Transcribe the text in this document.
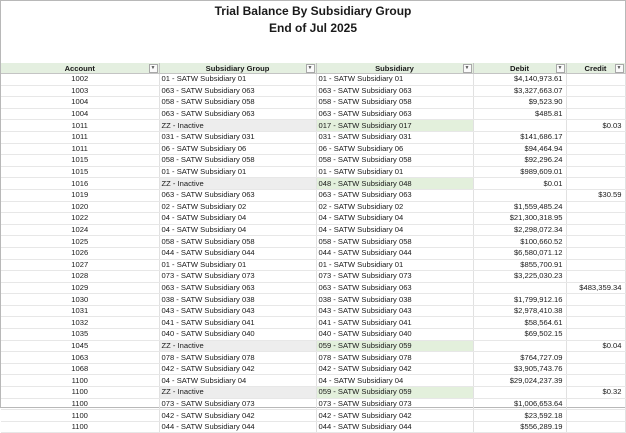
Trial Balance By Subsidiary Group
End of Jul 2025
Account ▼	Subsidiary Group ▼	Subsidiary ▼	Debit ▼	Credit ▼

1002	01 - SATW Subsidiary 01	01 - SATW Subsidiary 01	$4,140,973.61	
1003	063 - SATW Subsidiary 063	063 - SATW Subsidiary 063	$3,327,663.07	
1004	058 - SATW Subsidiary 058	058 - SATW Subsidiary 058	$9,523.90	
1004	063 - SATW Subsidiary 063	063 - SATW Subsidiary 063	$485.81	
1011	ZZ - Inactive	017 - SATW Subsidiary 017		$0.03
1011	031 - SATW Subsidiary 031	031 - SATW Subsidiary 031	$141,686.17	
1011	06 - SATW Subsidiary 06	06 - SATW Subsidiary 06	$94,464.94	
1015	058 - SATW Subsidiary 058	058 - SATW Subsidiary 058	$92,296.24	
1015	01 - SATW Subsidiary 01	01 - SATW Subsidiary 01	$989,609.01	
1016	ZZ - Inactive	048 - SATW Subsidiary 048	$0.01	
1019	063 - SATW Subsidiary 063	063 - SATW Subsidiary 063		$30.59
1020	02 - SATW Subsidiary 02	02 - SATW Subsidiary 02	$1,559,485.24	
1022	04 - SATW Subsidiary 04	04 - SATW Subsidiary 04	$21,300,318.95	
1024	04 - SATW Subsidiary 04	04 - SATW Subsidiary 04	$2,298,072.34	
1025	058 - SATW Subsidiary 058	058 - SATW Subsidiary 058	$100,660.52	
1026	044 - SATW Subsidiary 044	044 - SATW Subsidiary 044	$6,580,071.12	
1027	01 - SATW Subsidiary 01	01 - SATW Subsidiary 01	$855,700.91	
1028	073 - SATW Subsidiary 073	073 - SATW Subsidiary 073	$3,225,030.23	
1029	063 - SATW Subsidiary 063	063 - SATW Subsidiary 063		$483,359.34
1030	038 - SATW Subsidiary 038	038 - SATW Subsidiary 038	$1,799,912.16	
1031	043 - SATW Subsidiary 043	043 - SATW Subsidiary 043	$2,978,410.38	
1032	041 - SATW Subsidiary 041	041 - SATW Subsidiary 041	$58,564.61	
1035	040 - SATW Subsidiary 040	040 - SATW Subsidiary 040	$69,502.15	
1045	ZZ - Inactive	059 - SATW Subsidiary 059		$0.04
1063	078 - SATW Subsidiary 078	078 - SATW Subsidiary 078	$764,727.09	
1068	042 - SATW Subsidiary 042	042 - SATW Subsidiary 042	$3,905,743.76	
1100	04 - SATW Subsidiary 04	04 - SATW Subsidiary 04	$29,024,237.39	
1100	ZZ - Inactive	059 - SATW Subsidiary 059		$0.32
1100	073 - SATW Subsidiary 073	073 - SATW Subsidiary 073	$1,006,653.64	
1100	042 - SATW Subsidiary 042	042 - SATW Subsidiary 042	$23,592.18	
1100	044 - SATW Subsidiary 044	044 - SATW Subsidiary 044	$556,289.19	
